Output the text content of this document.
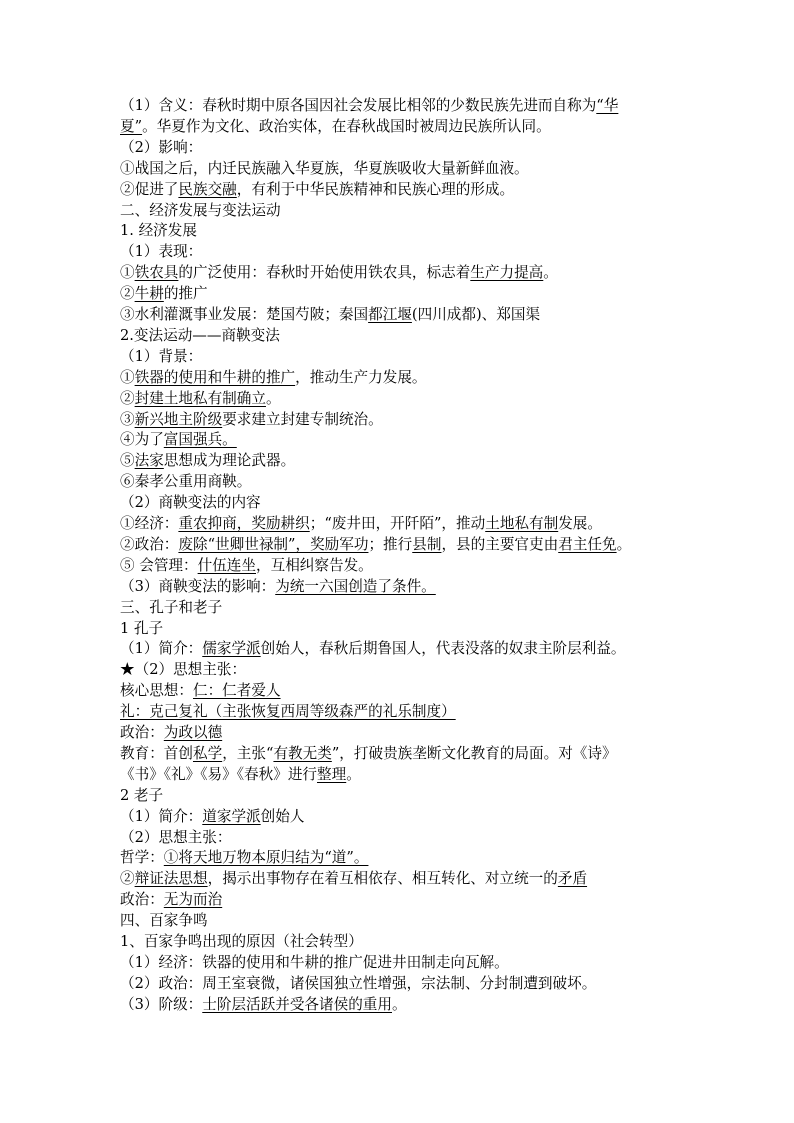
（1）含义：春秋时期中原各国因社会发展比相邻的少数民族先进而自称为“华
夏”。华夏作为文化、政治实体，在春秋战国时被周边民族所认同。
（2）影响：
①战国之后，内迁民族融入华夏族，华夏族吸收大量新鲜血液。
②促进了民族交融，有利于中华民族精神和民族心理的形成。
二、经济发展与变法运动
1. 经济发展
（1）表现：
①铁农具的广泛使用：春秋时开始使用铁农具，标志着生产力提高。
②牛耕的推广
③水利灌溉事业发展：楚国芍陂；秦国都江堰(四川成都)、郑国渠
2.变法运动——商鞅变法
（1）背景：
①铁器的使用和牛耕的推广，推动生产力发展。
②封建土地私有制确立。
③新兴地主阶级要求建立封建专制统治。
④为了富国强兵。
⑤法家思想成为理论武器。
⑥秦孝公重用商鞅。
（2）商鞅变法的内容
①经济：重农抑商，奖励耕织；“废井田，开阡陌”，推动土地私有制发展。
②政治：废除“世卿世禄制”，奖励军功；推行县制，县的主要官吏由君主任免。
⑤ 会管理：什伍连坐，互相纠察告发。
（3）商鞅变法的影响：为统一六国创造了条件。
三、孔子和老子
1 孔子
（1）简介：儒家学派创始人，春秋后期鲁国人，代表没落的奴隶主阶层利益。
★（2）思想主张：
核心思想：仁：仁者爱人
礼：克己复礼（主张恢复西周等级森严的礼乐制度）
政治：为政以德
教育：首创私学，主张“有教无类”，打破贵族垄断文化教育的局面。对《诗》
《书》《礼》《易》《春秋》进行整理。
2 老子
（1）简介：道家学派创始人
（2）思想主张：
哲学：①将天地万物本原归结为“道”。
②辩证法思想，揭示出事物存在着互相依存、相互转化、对立统一的矛盾
政治：无为而治
四、百家争鸣
1、百家争鸣出现的原因（社会转型）
（1）经济：铁器的使用和牛耕的推广促进井田制走向瓦解。
（2）政治：周王室衰微，诸侯国独立性增强，宗法制、分封制遭到破坏。
（3）阶级：士阶层活跃并受各诸侯的重用。
